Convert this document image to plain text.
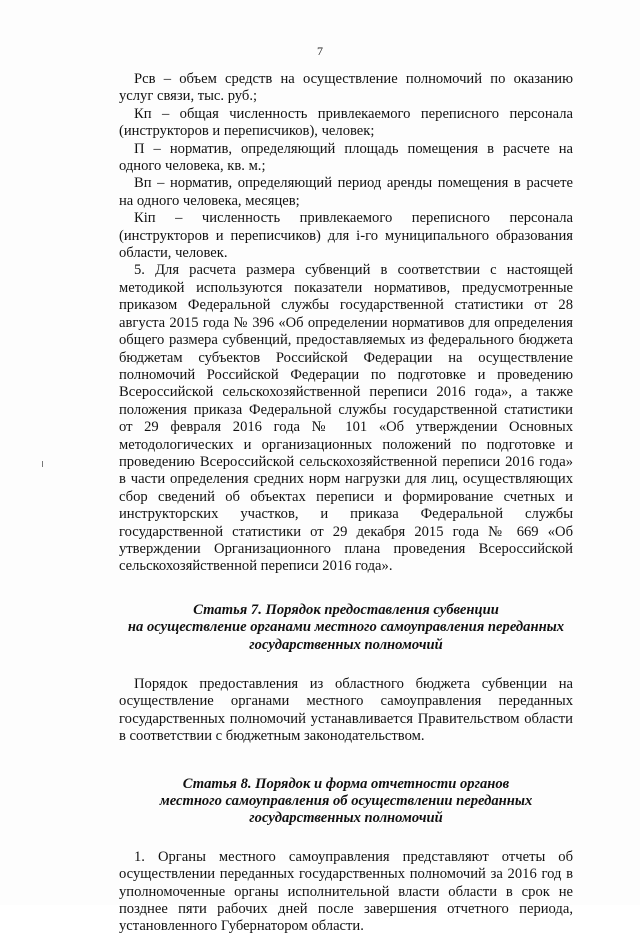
7

Рсв – объем средств на осуществление полномочий по оказанию услуг связи, тыс. руб.;

Кп – общая численность привлекаемого переписного персонала (инструкторов и переписчиков), человек;

П – норматив, определяющий площадь помещения в расчете на одного человека, кв. м.;

Вп – норматив, определяющий период аренды помещения в расчете на одного человека, месяцев;

Кiп – численность привлекаемого переписного персонала (инструкторов и переписчиков) для i-го муниципального образования области, человек.

5. Для расчета размера субвенций в соответствии с настоящей методикой используются показатели нормативов, предусмотренные приказом Федеральной службы государственной статистики от 28 августа 2015 года № 396 «Об определении нормативов для определения общего размера субвенций, предоставляемых из федерального бюджета бюджетам субъектов Российской Федерации на осуществление полномочий Российской Федерации по подготовке и проведению Всероссийской сельскохозяйственной переписи 2016 года», а также положения приказа Федеральной службы государственной статистики от 29 февраля 2016 года № 101 «Об утверждении Основных методологических и организационных положений по подготовке и проведению Всероссийской сельскохозяйственной переписи 2016 года» в части определения средних норм нагрузки для лиц, осуществляющих сбор сведений об объектах переписи и формирование счетных и инструкторских участков, и приказа Федеральной службы государственной статистики от 29 декабря 2015 года № 669 «Об утверждении Организационного плана проведения Всероссийской сельскохозяйственной переписи 2016 года».

Статья 7. Порядок предоставления субвенции
на осуществление органами местного самоуправления переданных
государственных полномочий

Порядок предоставления из областного бюджета субвенции на осуществление органами местного самоуправления переданных государственных полномочий устанавливается Правительством области в соответствии с бюджетным законодательством.

Статья 8. Порядок и форма отчетности органов
местного самоуправления об осуществлении переданных
государственных полномочий

1. Органы местного самоуправления представляют отчеты об осуществлении переданных государственных полномочий за 2016 год в уполномоченные органы исполнительной власти области в срок не позднее пяти рабочих дней после завершения отчетного периода, установленного Губернатором области.
